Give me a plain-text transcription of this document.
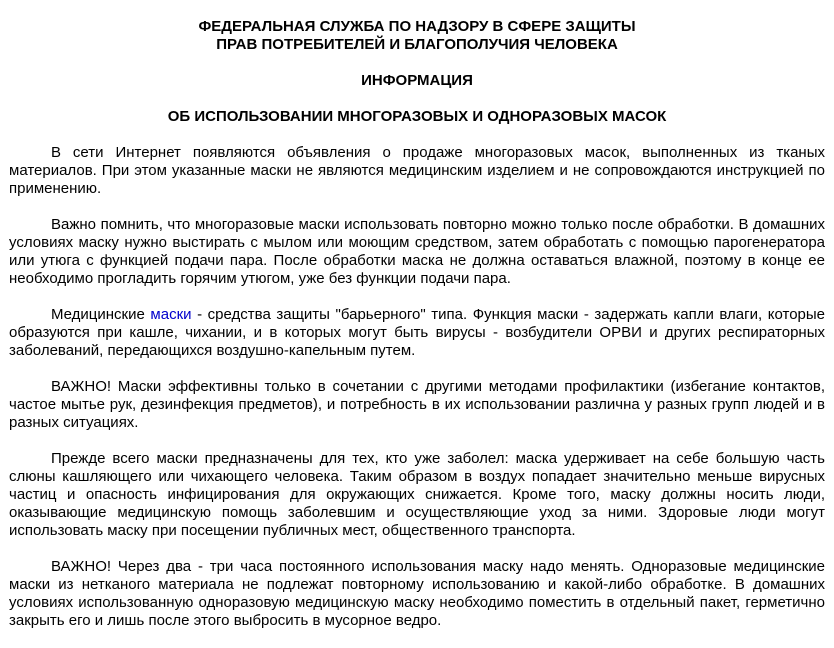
ФЕДЕРАЛЬНАЯ СЛУЖБА ПО НАДЗОРУ В СФЕРЕ ЗАЩИТЫ
ПРАВ ПОТРЕБИТЕЛЕЙ И БЛАГОПОЛУЧИЯ ЧЕЛОВЕКА
ИНФОРМАЦИЯ
ОБ ИСПОЛЬЗОВАНИИ МНОГОРАЗОВЫХ И ОДНОРАЗОВЫХ МАСОК

В сети Интернет появляются объявления о продаже многоразовых масок, выполненных из тканых материалов. При этом указанные маски не являются медицинским изделием и не сопровождаются инструкцией по применению.

Важно помнить, что многоразовые маски использовать повторно можно только после обработки. В домашних условиях маску нужно выстирать с мылом или моющим средством, затем обработать с помощью парогенератора или утюга с функцией подачи пара. После обработки маска не должна оставаться влажной, поэтому в конце ее необходимо прогладить горячим утюгом, уже без функции подачи пара.

Медицинские маски - средства защиты "барьерного" типа. Функция маски - задержать капли влаги, которые образуются при кашле, чихании, и в которых могут быть вирусы - возбудители ОРВИ и других респираторных заболеваний, передающихся воздушно-капельным путем.

ВАЖНО! Маски эффективны только в сочетании с другими методами профилактики (избегание контактов, частое мытье рук, дезинфекция предметов), и потребность в их использовании различна у разных групп людей и в разных ситуациях.

Прежде всего маски предназначены для тех, кто уже заболел: маска удерживает на себе большую часть слюны кашляющего или чихающего человека. Таким образом в воздух попадает значительно меньше вирусных частиц и опасность инфицирования для окружающих снижается. Кроме того, маску должны носить люди, оказывающие медицинскую помощь заболевшим и осуществляющие уход за ними. Здоровые люди могут использовать маску при посещении публичных мест, общественного транспорта.

ВАЖНО! Через два - три часа постоянного использования маску надо менять. Одноразовые медицинские маски из нетканого материала не подлежат повторному использованию и какой-либо обработке. В домашних условиях использованную одноразовую медицинскую маску необходимо поместить в отдельный пакет, герметично закрыть его и лишь после этого выбросить в мусорное ведро.
